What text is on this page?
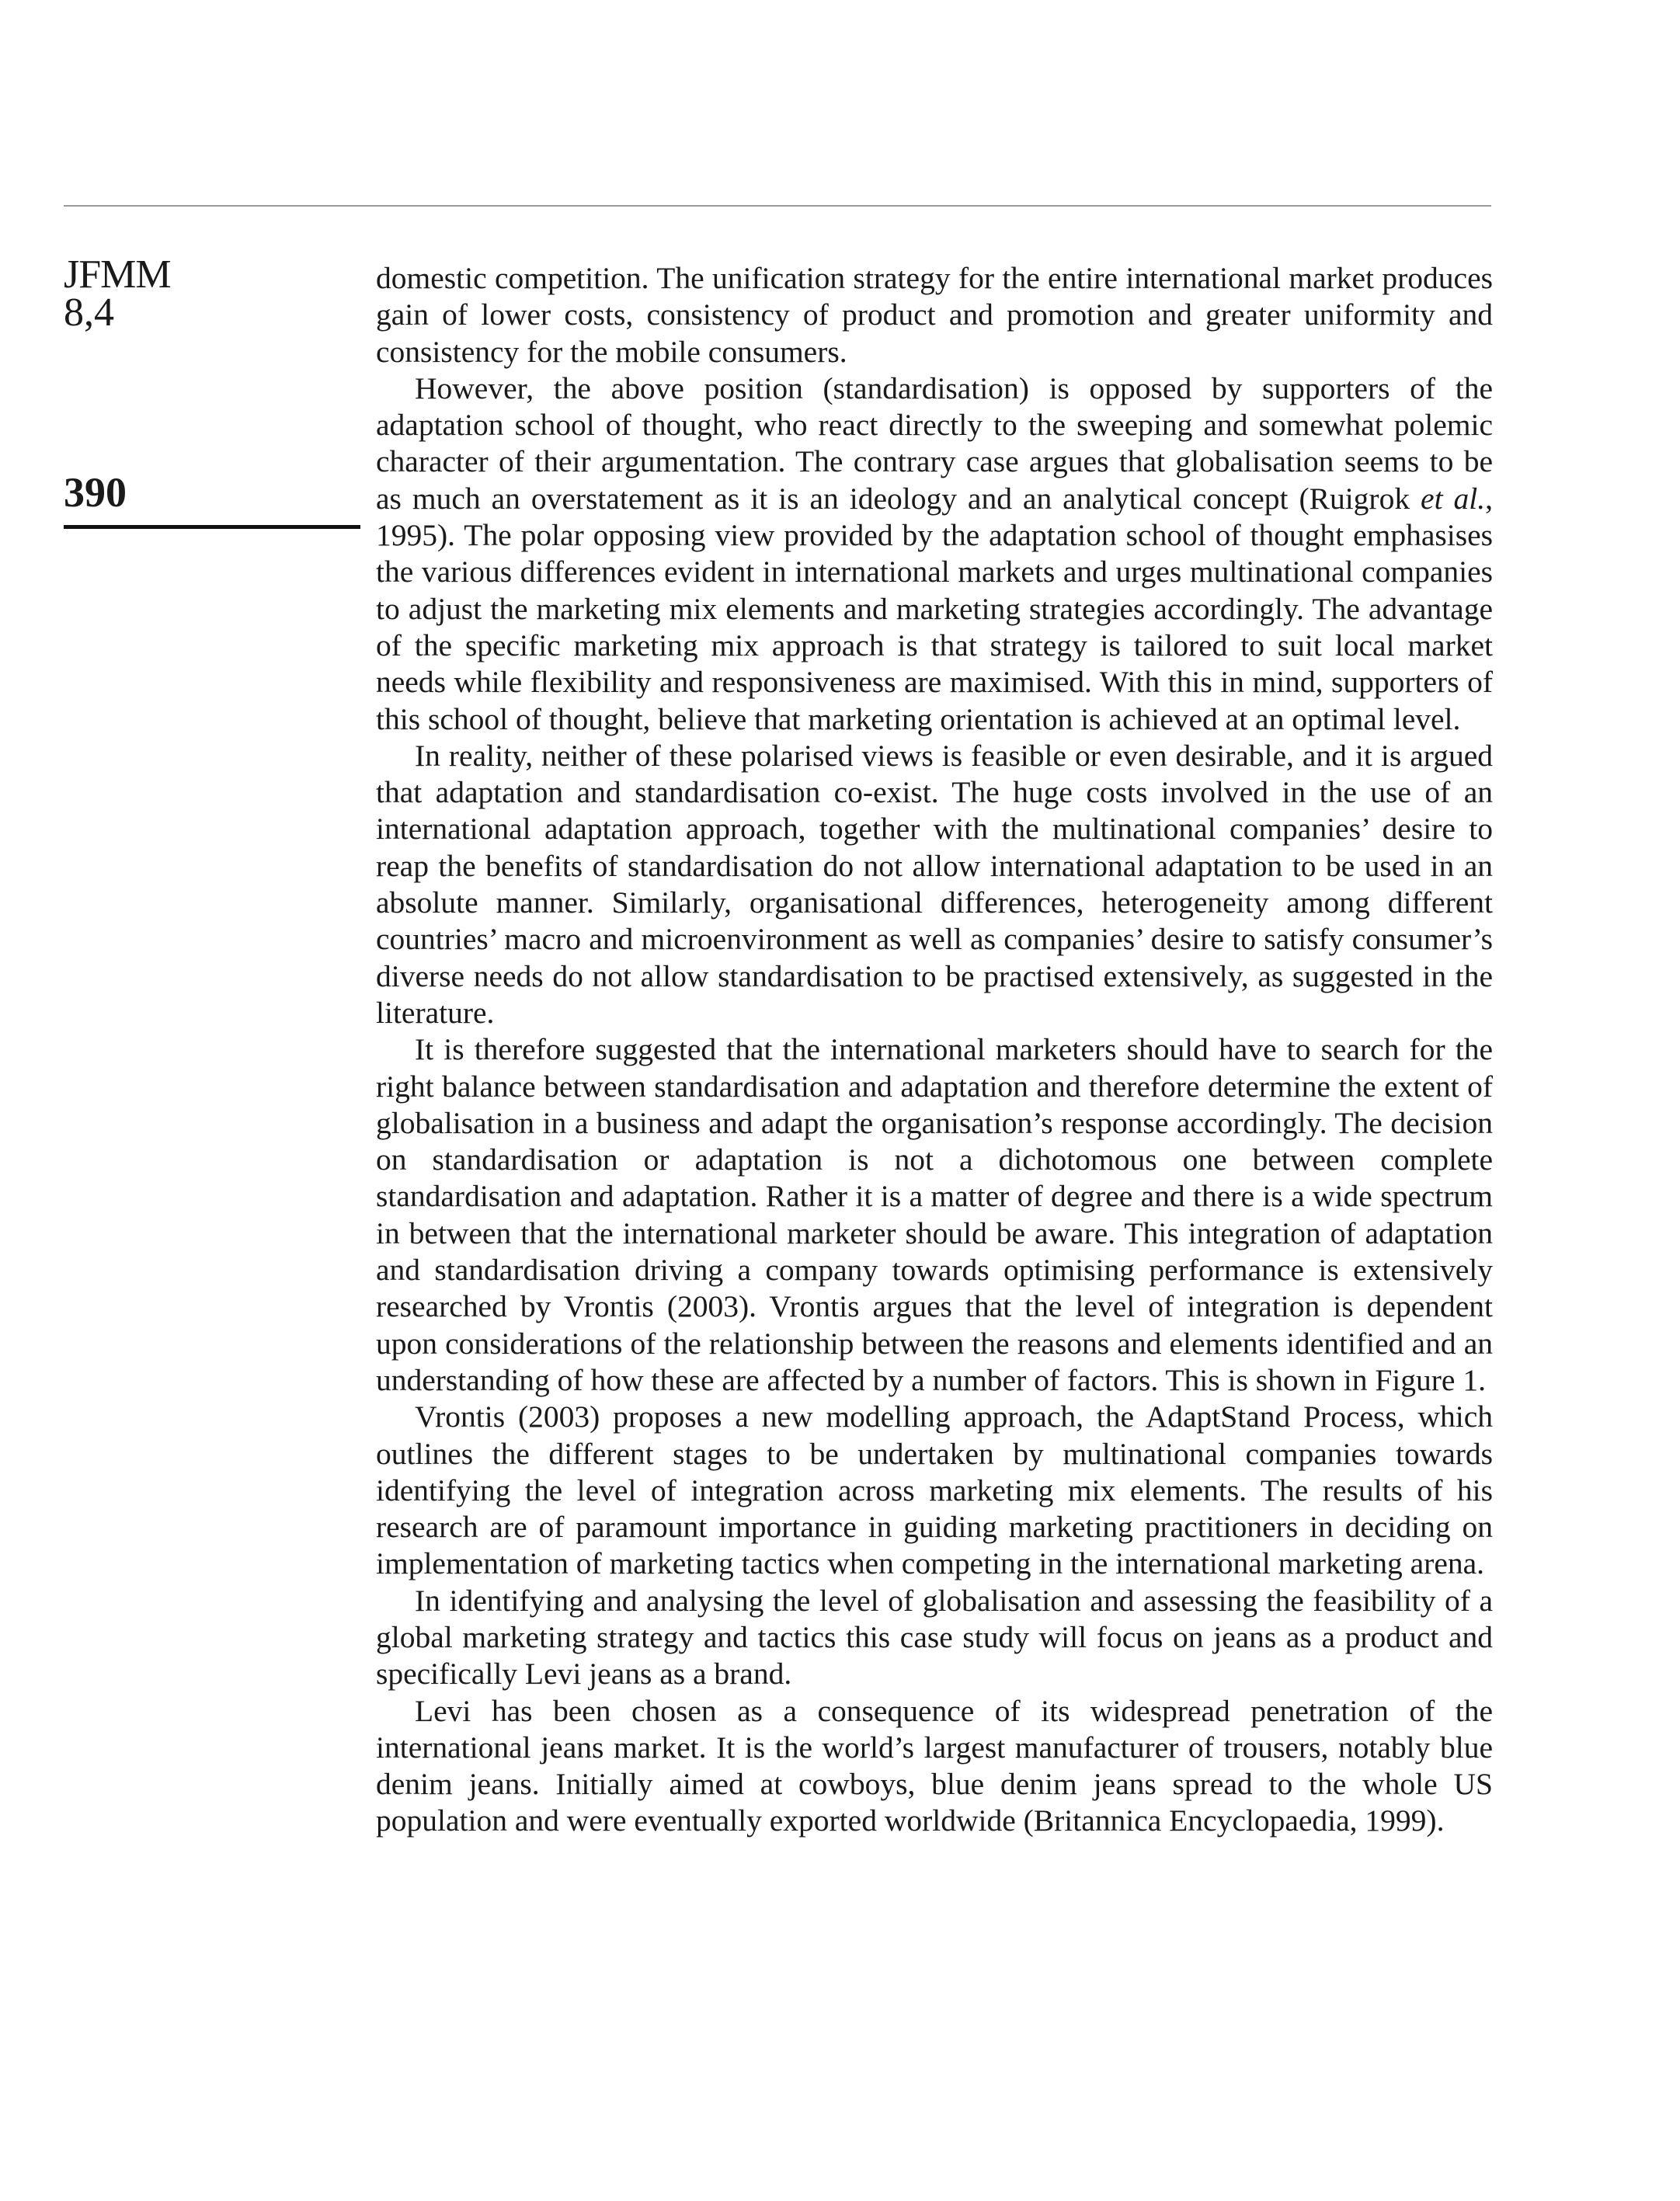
JFMM
8,4
390

domestic competition. The unification strategy for the entire international market produces gain of lower costs, consistency of product and promotion and greater uniformity and consistency for the mobile consumers.

However, the above position (standardisation) is opposed by supporters of the adaptation school of thought, who react directly to the sweeping and somewhat polemic character of their argumentation. The contrary case argues that globalisation seems to be as much an overstatement as it is an ideology and an analytical concept (Ruigrok et al., 1995). The polar opposing view provided by the adaptation school of thought emphasises the various differences evident in international markets and urges multinational companies to adjust the marketing mix elements and marketing strategies accordingly. The advantage of the specific marketing mix approach is that strategy is tailored to suit local market needs while flexibility and responsiveness are maximised. With this in mind, supporters of this school of thought, believe that marketing orientation is achieved at an optimal level.

In reality, neither of these polarised views is feasible or even desirable, and it is argued that adaptation and standardisation co-exist. The huge costs involved in the use of an international adaptation approach, together with the multinational companies’ desire to reap the benefits of standardisation do not allow international adaptation to be used in an absolute manner. Similarly, organisational differences, heterogeneity among different countries’ macro and microenvironment as well as companies’ desire to satisfy consumer’s diverse needs do not allow standardisation to be practised extensively, as suggested in the literature.

It is therefore suggested that the international marketers should have to search for the right balance between standardisation and adaptation and therefore determine the extent of globalisation in a business and adapt the organisation’s response accordingly. The decision on standardisation or adaptation is not a dichotomous one between complete standardisation and adaptation. Rather it is a matter of degree and there is a wide spectrum in between that the international marketer should be aware. This integration of adaptation and standardisation driving a company towards optimising performance is extensively researched by Vrontis (2003). Vrontis argues that the level of integration is dependent upon considerations of the relationship between the reasons and elements identified and an understanding of how these are affected by a number of factors. This is shown in Figure 1.

Vrontis (2003) proposes a new modelling approach, the AdaptStand Process, which outlines the different stages to be undertaken by multinational companies towards identifying the level of integration across marketing mix elements. The results of his research are of paramount importance in guiding marketing practitioners in deciding on implementation of marketing tactics when competing in the international marketing arena.

In identifying and analysing the level of globalisation and assessing the feasibility of a global marketing strategy and tactics this case study will focus on jeans as a product and specifically Levi jeans as a brand.

Levi has been chosen as a consequence of its widespread penetration of the international jeans market. It is the world’s largest manufacturer of trousers, notably blue denim jeans. Initially aimed at cowboys, blue denim jeans spread to the whole US population and were eventually exported worldwide (Britannica Encyclopaedia, 1999).
